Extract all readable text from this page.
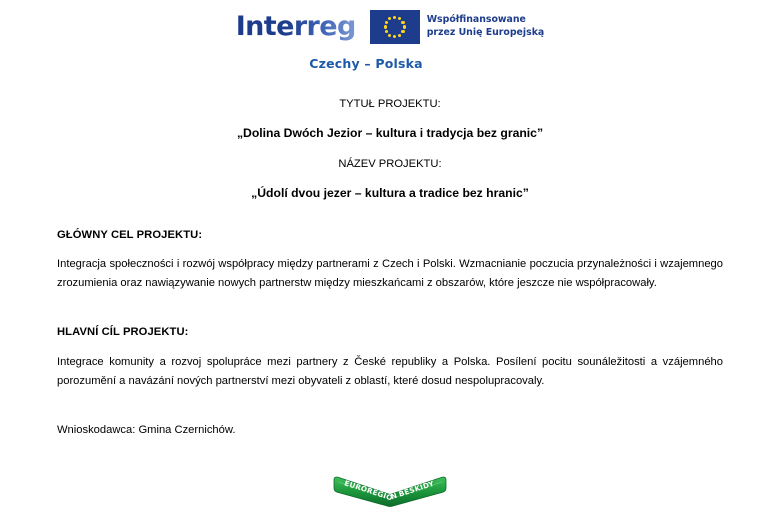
Interreg	Współfinansowane
przez Unię Europejską
Czechy – Polska

TYTUŁ PROJEKTU:

„Dolina Dwóch Jezior – kultura i tradycja bez granic”

NÁZEV PROJEKTU:

„Údolí dvou jezer – kultura a tradice bez hranic”

GŁÓWNY CEL PROJEKTU:

Integracja społeczności i rozwój współpracy między partnerami z Czech i Polski. Wzmacnianie poczucia przynależności i wzajemnego zrozumienia oraz nawiązywanie nowych partnerstw między mieszkańcami z obszarów, które jeszcze nie współpracowały.

HLAVNÍ CÍL PROJEKTU:

Integrace komunity a rozvoj spolupráce mezi partnery z České republiky a Polska. Posílení pocitu sounáležitosti a vzájemného porozumění a navázání nových partnerství mezi obyvateli z oblastí, které dosud nespolupracovaly.

Wnioskodawca: Gmina Czernichów.

EUROREGION BESKIDY
